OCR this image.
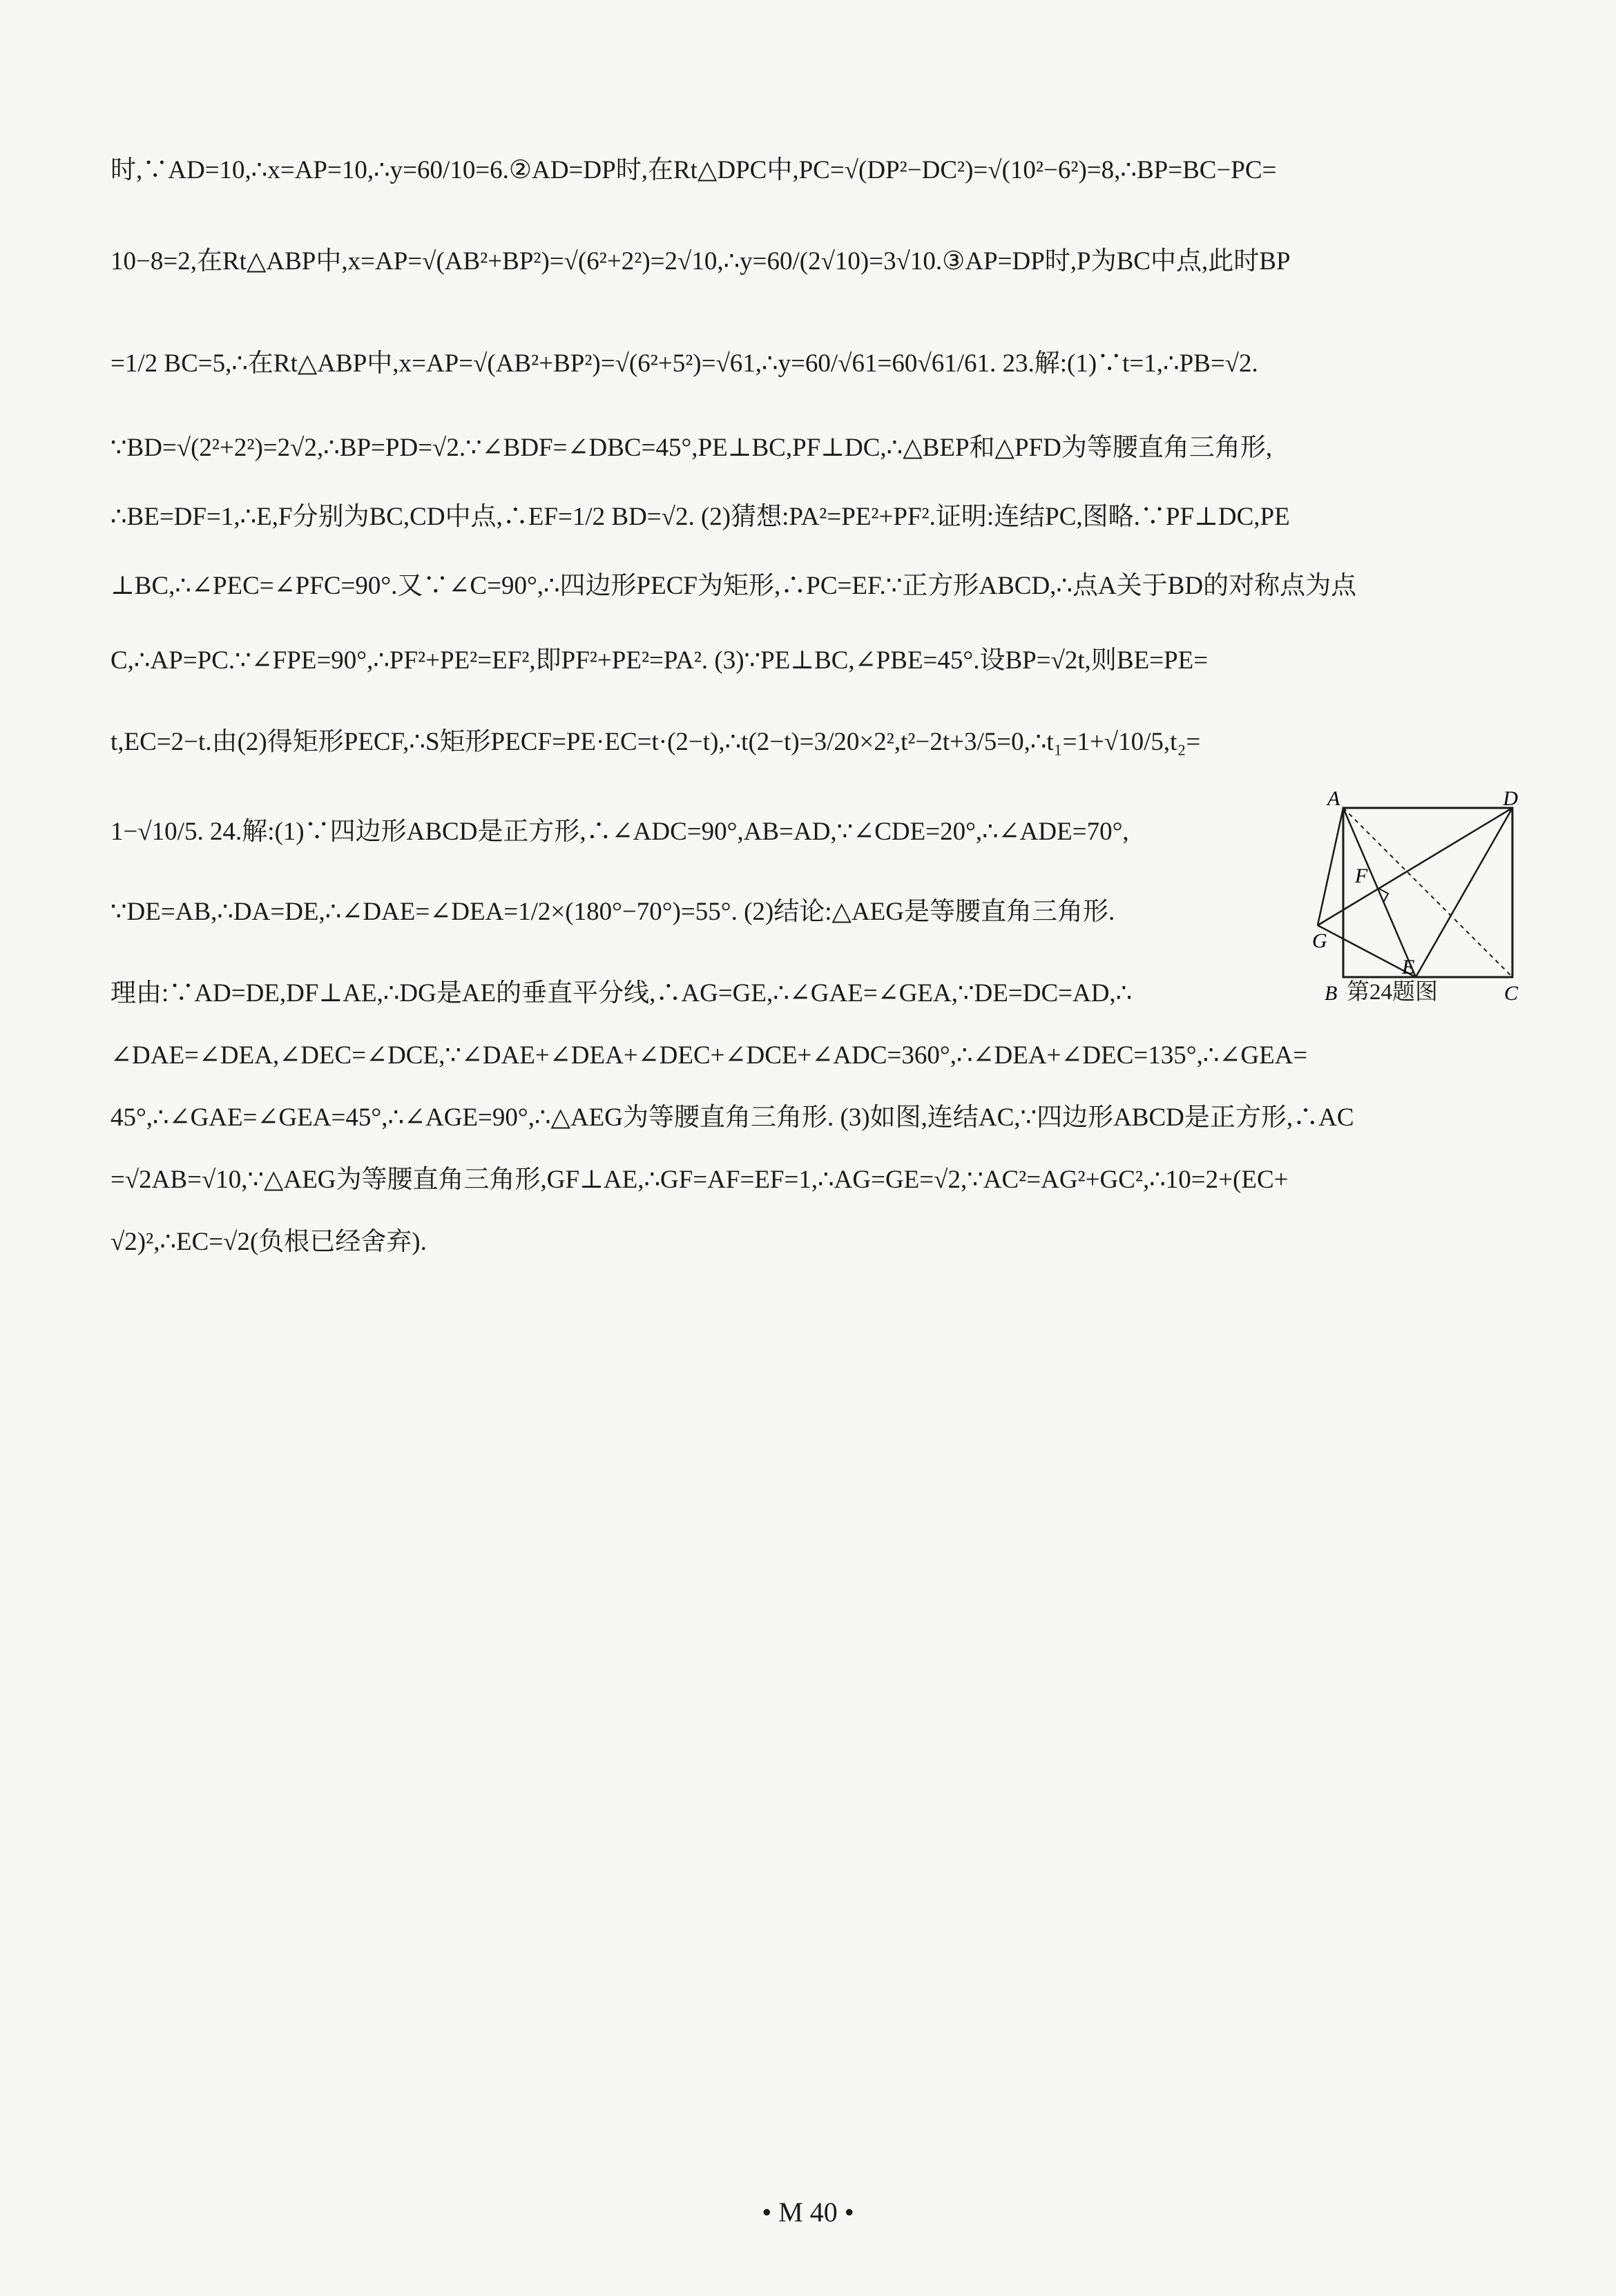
时,∵AD=10,∴x=AP=10,∴y=60/10=6.②AD=DP时,在Rt△DPC中,PC=√(DP²−DC²)=√(10²−6²)=8,∴BP=BC−PC=
10−8=2,在Rt△ABP中,x=AP=√(AB²+BP²)=√(6²+2²)=2√10,∴y=60/(2√10)=3√10.③AP=DP时,P为BC中点,此时BP
=1/2 BC=5,∴在Rt△ABP中,x=AP=√(AB²+BP²)=√(6²+5²)=√61,∴y=60/√61=60√61/61. 23.解:(1)∵t=1,∴PB=√2.
∵BD=√(2²+2²)=2√2,∴BP=PD=√2.∵∠BDF=∠DBC=45°,PE⊥BC,PF⊥DC,∴△BEP和△PFD为等腰直角三角形,
∴BE=DF=1,∴E,F分别为BC,CD中点,∴EF=1/2 BD=√2. (2)猜想:PA²=PE²+PF².证明:连结PC,图略.∵PF⊥DC,PE
⊥BC,∴∠PEC=∠PFC=90°.又∵∠C=90°,∴四边形PECF为矩形,∴PC=EF.∵正方形ABCD,∴点A关于BD的对称点为点
C,∴AP=PC.∵∠FPE=90°,∴PF²+PE²=EF²,即PF²+PE²=PA². (3)∵PE⊥BC,∠PBE=45°.设BP=√2t,则BE=PE=
t,EC=2−t.由(2)得矩形PECF,∴S矩形PECF=PE·EC=t·(2−t),∴t(2−t)=3/20×2²,t²−2t+3/5=0,∴t₁=1+√10/5,t₂=
1−√10/5. 24.解:(1)∵四边形ABCD是正方形,∴∠ADC=90°,AB=AD,∵∠CDE=20°,∴∠ADE=70°,
∵DE=AB,∴DA=DE,∴∠DAE=∠DEA=1/2×(180°−70°)=55°. (2)结论:△AEG是等腰直角三角形.
理由:∵AD=DE,DF⊥AE,∴DG是AE的垂直平分线,∴AG=GE,∴∠GAE=∠GEA,∵DE=DC=AD,∴
∠DAE=∠DEA,∠DEC=∠DCE,∵∠DAE+∠DEA+∠DEC+∠DCE+∠ADC=360°,∴∠DEA+∠DEC=135°,∴∠GEA=
45°,∴∠GAE=∠GEA=45°,∴∠AGE=90°,∴△AEG为等腰直角三角形. (3)如图,连结AC,∵四边形ABCD是正方形,∴AC
=√2AB=√10,∵△AEG为等腰直角三角形,GF⊥AE,∴GF=AF=EF=1,∴AG=GE=√2,∵AC²=AG²+GC²,∴10=2+(EC+
√2)²,∴EC=√2(负根已经舍弃).
A	D
B	C
E
F
G
第24题图
• M 40 •
